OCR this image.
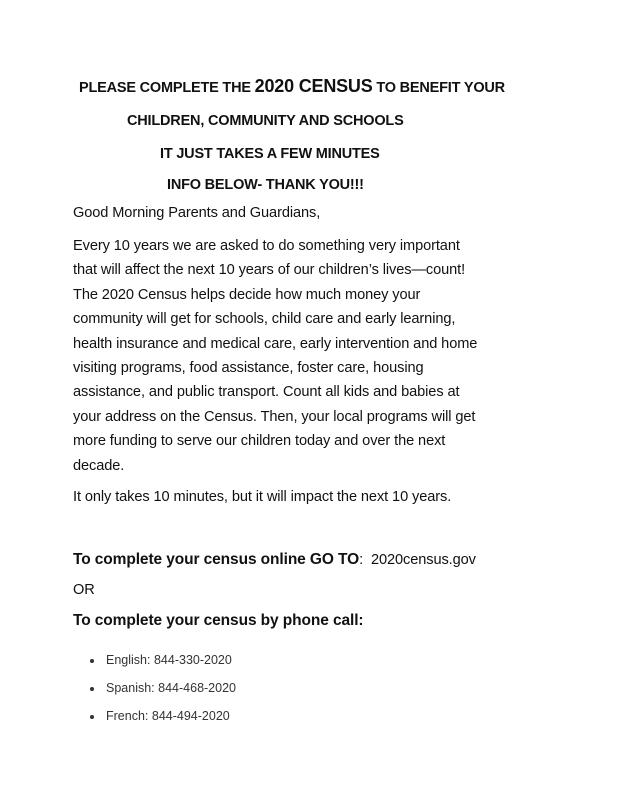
PLEASE COMPLETE THE 2020 CENSUS TO BENEFIT YOUR
CHILDREN, COMMUNITY AND SCHOOLS
IT JUST TAKES A FEW MINUTES
INFO BELOW- THANK YOU!!!
Good Morning Parents and Guardians,
Every 10 years we are asked to do something very important
that will affect the next 10 years of our children’s lives—count!
The 2020 Census helps decide how much money your
community will get for schools, child care and early learning,
health insurance and medical care, early intervention and home
visiting programs, food assistance, foster care, housing
assistance, and public transport. Count all kids and babies at
your address on the Census. Then, your local programs will get
more funding to serve our children today and over the next
decade.
It only takes 10 minutes, but it will impact the next 10 years.
To complete your census online GO TO: 2020census.gov
OR
To complete your census by phone call:
English: 844-330-2020
Spanish: 844-468-2020
French: 844-494-2020
